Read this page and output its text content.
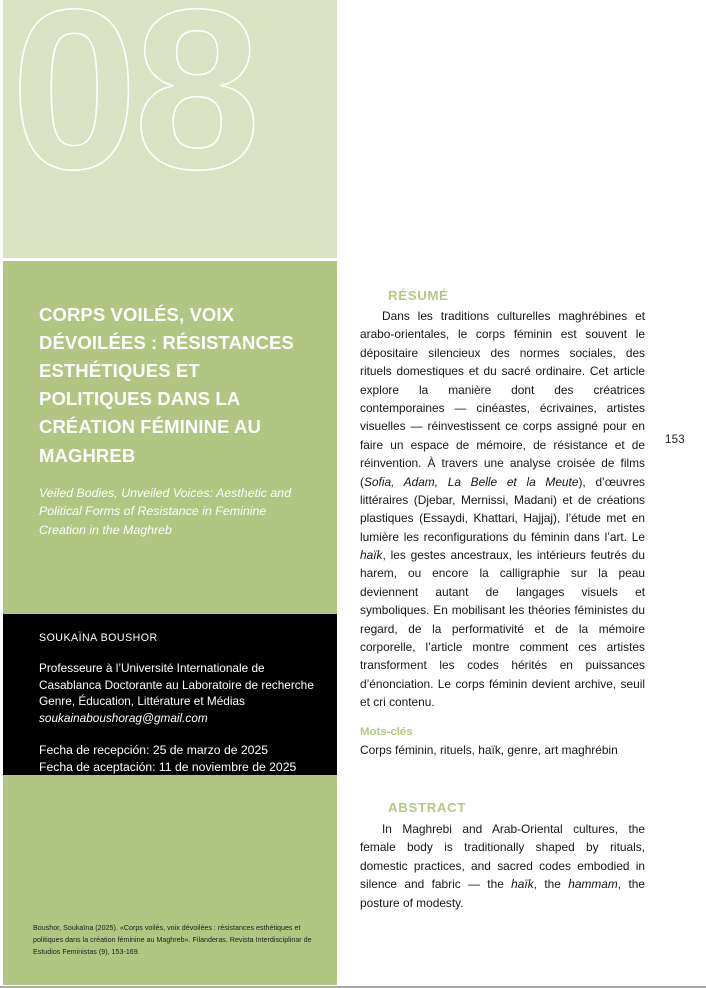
08
CORPS VOILÉS, VOIX DÉVOILÉES : RÉSISTANCES ESTHÉTIQUES ET POLITIQUES DANS LA CRÉATION FÉMININE AU MAGHREB

Veiled Bodies, Unveiled Voices: Aesthetic and Political Forms of Resistance in Feminine Creation in the Maghreb

SOUKAÏNA BOUSHOR

Professeure à l’Université Internationale de Casablanca Doctorante au Laboratoire de recherche Genre, Éducation, Littérature et Médias

soukainaboushorag@gmail.com

Fecha de recepción: 25 de marzo de 2025

Fecha de aceptación: 11 de noviembre de 2025

Boushor, Soukaïna (2025). «Corps voilés, voix dévoilées : résistances esthétiques et politiques dans la création féminine au Maghreb». Filanderas. Revista Interdisciplinar de Estudios Feministas (9), 153-169.

RÉSUMÉ

Dans les traditions culturelles maghrébines et arabo-orientales, le corps féminin est souvent le dépositaire silencieux des normes sociales, des rituels domestiques et du sacré ordinaire. Cet article explore la manière dont des créatrices contemporaines — cinéastes, écrivaines, artistes visuelles — réinvestissent ce corps assigné pour en faire un espace de mémoire, de résistance et de réinvention. À travers une analyse croisée de films (Sofia, Adam, La Belle et la Meute), d’œuvres littéraires (Djebar, Mernissi, Madani) et de créations plastiques (Essaydi, Khattari, Hajjaj), l’étude met en lumière les reconfigurations du féminin dans l’art. Le haïk, les gestes ancestraux, les intérieurs feutrés du harem, ou encore la calligraphie sur la peau deviennent autant de langages visuels et symboliques. En mobilisant les théories féministes du regard, de la performativité et de la mémoire corporelle, l’article montre comment ces artistes transforment les codes hérités en puissances d’énonciation. Le corps féminin devient archive, seuil et cri contenu.

Mots-clés

Corps féminin, rituels, haïk, genre, art maghrébin

ABSTRACT

In Maghrebi and Arab-Oriental cultures, the female body is traditionally shaped by rituals, domestic practices, and sacred codes embodied in silence and fabric — the haïk, the hammam, the posture of modesty.

153
